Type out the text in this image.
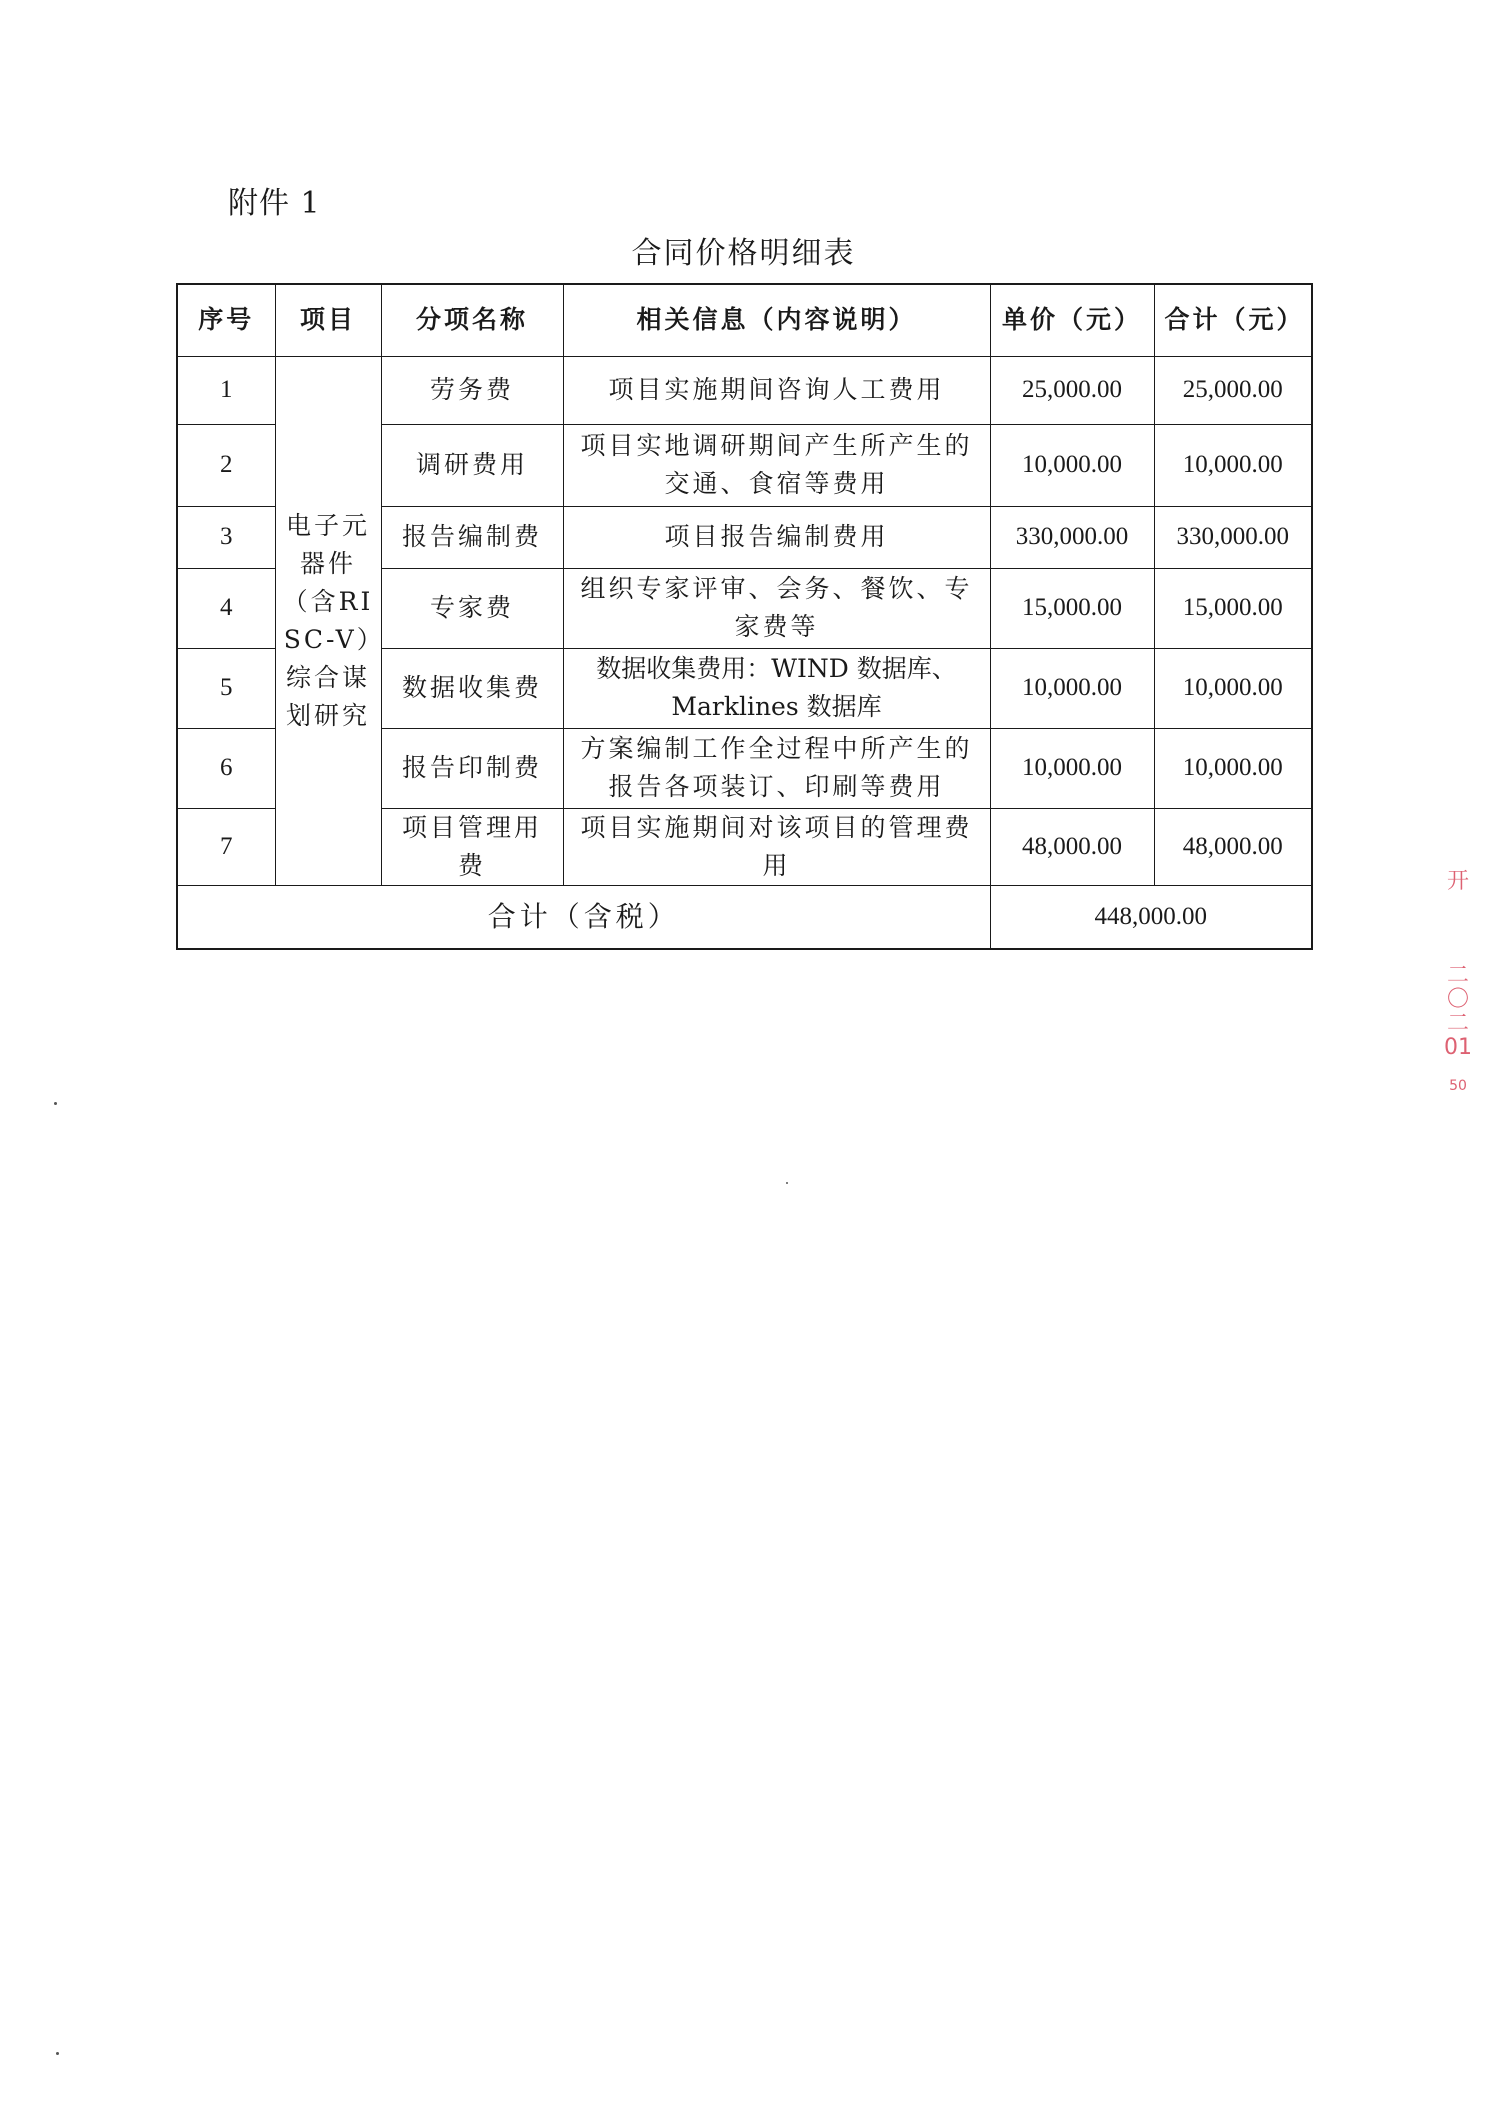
附件 1
合同价格明细表
序号	项目	分项名称	相关信息（内容说明）	单价（元）	合计（元）
1	电子元器件（含RISC-V）综合谋划研究	劳务费	项目实施期间咨询人工费用	25,000.00	25,000.00
2		调研费用	项目实地调研期间产生所产生的交通、食宿等费用	10,000.00	10,000.00
3		报告编制费	项目报告编制费用	330,000.00	330,000.00
4		专家费	组织专家评审、会务、餐饮、专家费等	15,000.00	15,000.00
5		数据收集费	数据收集费用：WIND 数据库、Marklines 数据库	10,000.00	10,000.00
6		报告印制费	方案编制工作全过程中所产生的报告各项装订、印刷等费用	10,000.00	10,000.00
7		项目管理用费	项目实施期间对该项目的管理费用	48,000.00	48,000.00
合计（含税）				448,000.00	
开
二〇二
01
50
